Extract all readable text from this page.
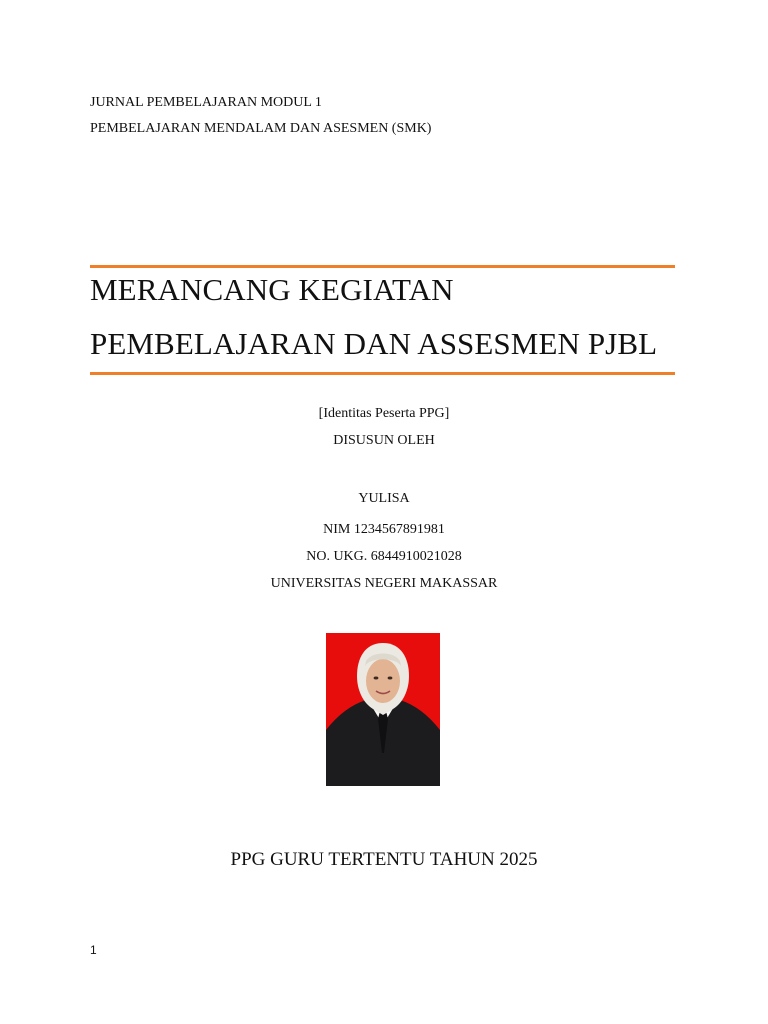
JURNAL PEMBELAJARAN MODUL 1
PEMBELAJARAN MENDALAM DAN ASESMEN (SMK)
MERANCANG KEGIATAN
PEMBELAJARAN DAN ASSESMEN PJBL
[Identitas Peserta PPG]
DISUSUN OLEH
YULISA
NIM 1234567891981
NO. UKG. 6844910021028
UNIVERSITAS NEGERI MAKASSAR
PPG GURU TERTENTU TAHUN 2025
1
